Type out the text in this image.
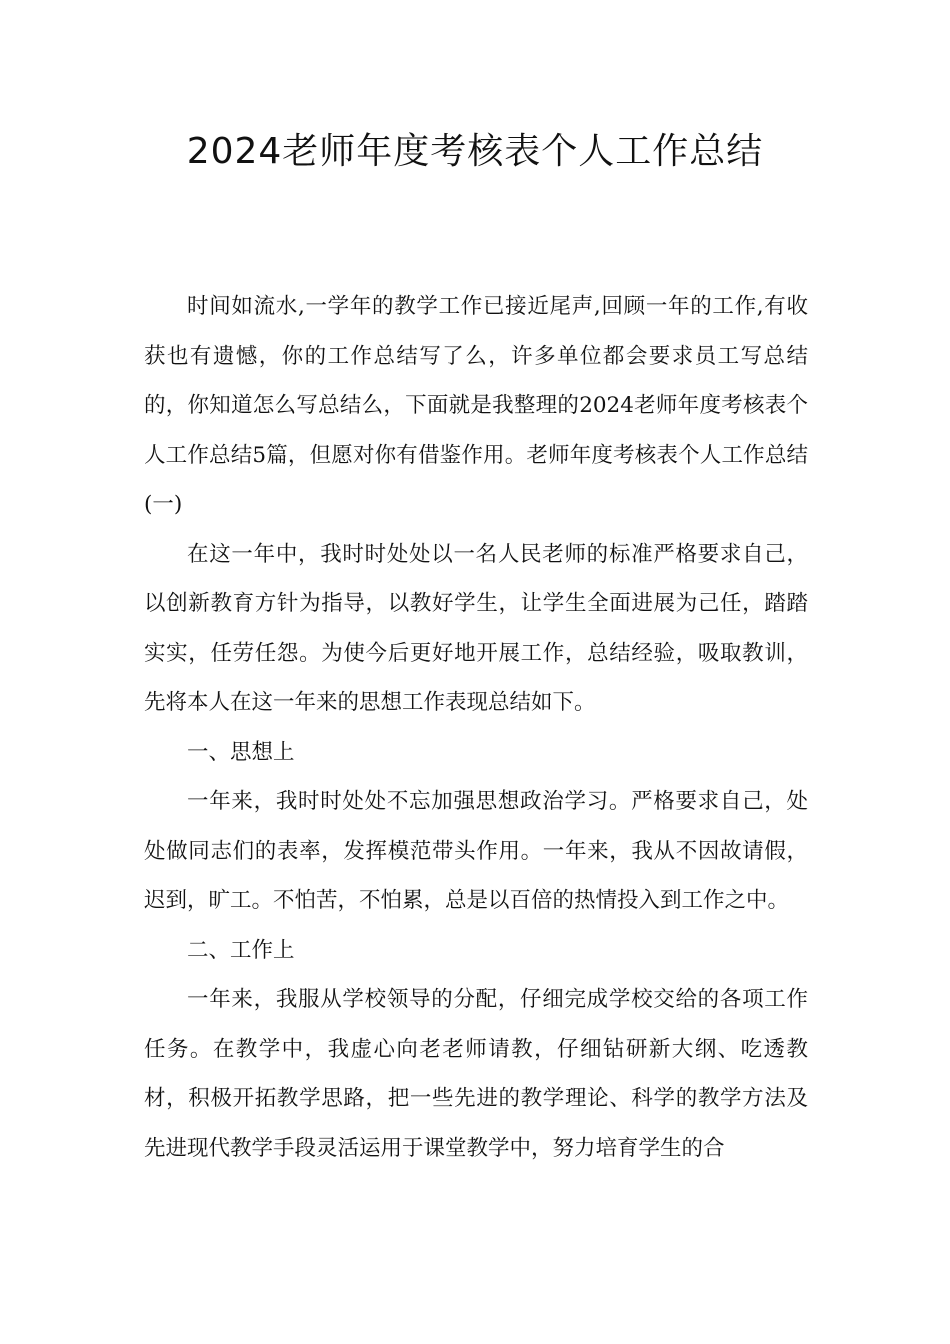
2024老师年度考核表个人工作总结

时间如流水,一学年的教学工作已接近尾声,回顾一年的工作,有收获也有遗憾，你的工作总结写了么，许多单位都会要求员工写总结的，你知道怎么写总结么，下面就是我整理的2024老师年度考核表个人工作总结5篇，但愿对你有借鉴作用。老师年度考核表个人工作总结(一)

在这一年中，我时时处处以一名人民老师的标准严格要求自己，以创新教育方针为指导，以教好学生，让学生全面进展为己任，踏踏实实，任劳任怨。为使今后更好地开展工作，总结经验，吸取教训，先将本人在这一年来的思想工作表现总结如下。

一、思想上

一年来，我时时处处不忘加强思想政治学习。严格要求自己，处处做同志们的表率，发挥模范带头作用。一年来，我从不因故请假，迟到，旷工。不怕苦，不怕累，总是以百倍的热情投入到工作之中。

二、工作上

一年来，我服从学校领导的分配，仔细完成学校交给的各项工作任务。在教学中，我虚心向老老师请教，仔细钻研新大纲、吃透教材，积极开拓教学思路，把一些先进的教学理论、科学的教学方法及先进现代教学手段灵活运用于课堂教学中，努力培育学生的合
